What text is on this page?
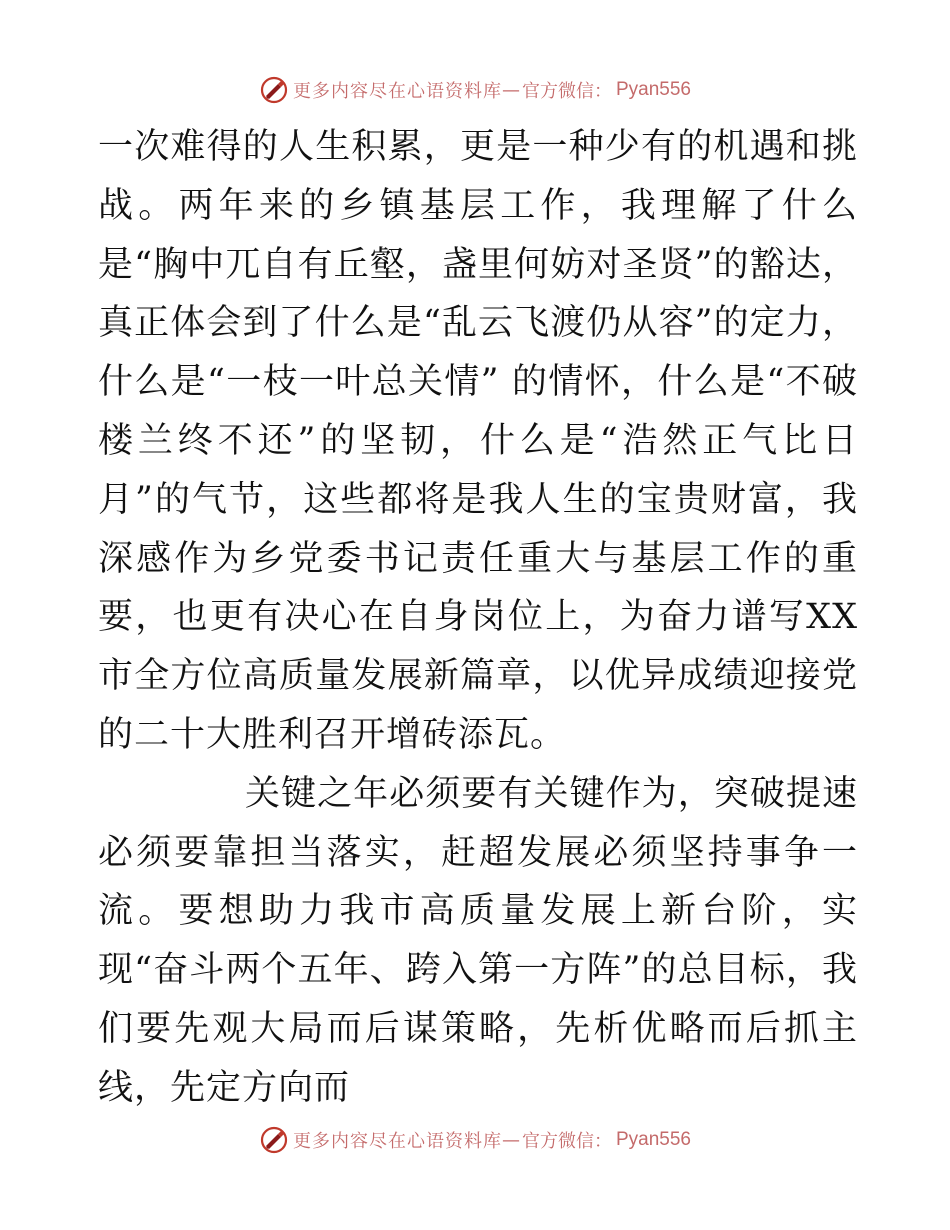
更多内容尽在心语资料库 — 官方微信： Pyan556

一次难得的人生积累，更是一种少有的机遇和挑战。两年来的乡镇基层工作，我理解了什么是“胸中兀自有丘壑，盏里何妨对圣贤”的豁达，真正体会到了什么是“乱云飞渡仍从容”的定力，什么是“一枝一叶总关情” 的情怀，什么是“不破楼兰终不还”的坚韧，什么是“浩然正气比日月”的气节，这些都将是我人生的宝贵财富，我深感作为乡党委书记责任重大与基层工作的重要，也更有决心在自身岗位上，为奋力谱写XX市全方位高质量发展新篇章，以优异成绩迎接党的二十大胜利召开增砖添瓦。

关键之年必须要有关键作为，突破提速必须要靠担当落实，赶超发展必须坚持事争一流。要想助力我市高质量发展上新台阶，实现“奋斗两个五年、跨入第一方阵”的总目标，我们要先观大局而后谋策略，先析优略而后抓主线，先定方向而

更多内容尽在心语资料库 — 官方微信： Pyan556
